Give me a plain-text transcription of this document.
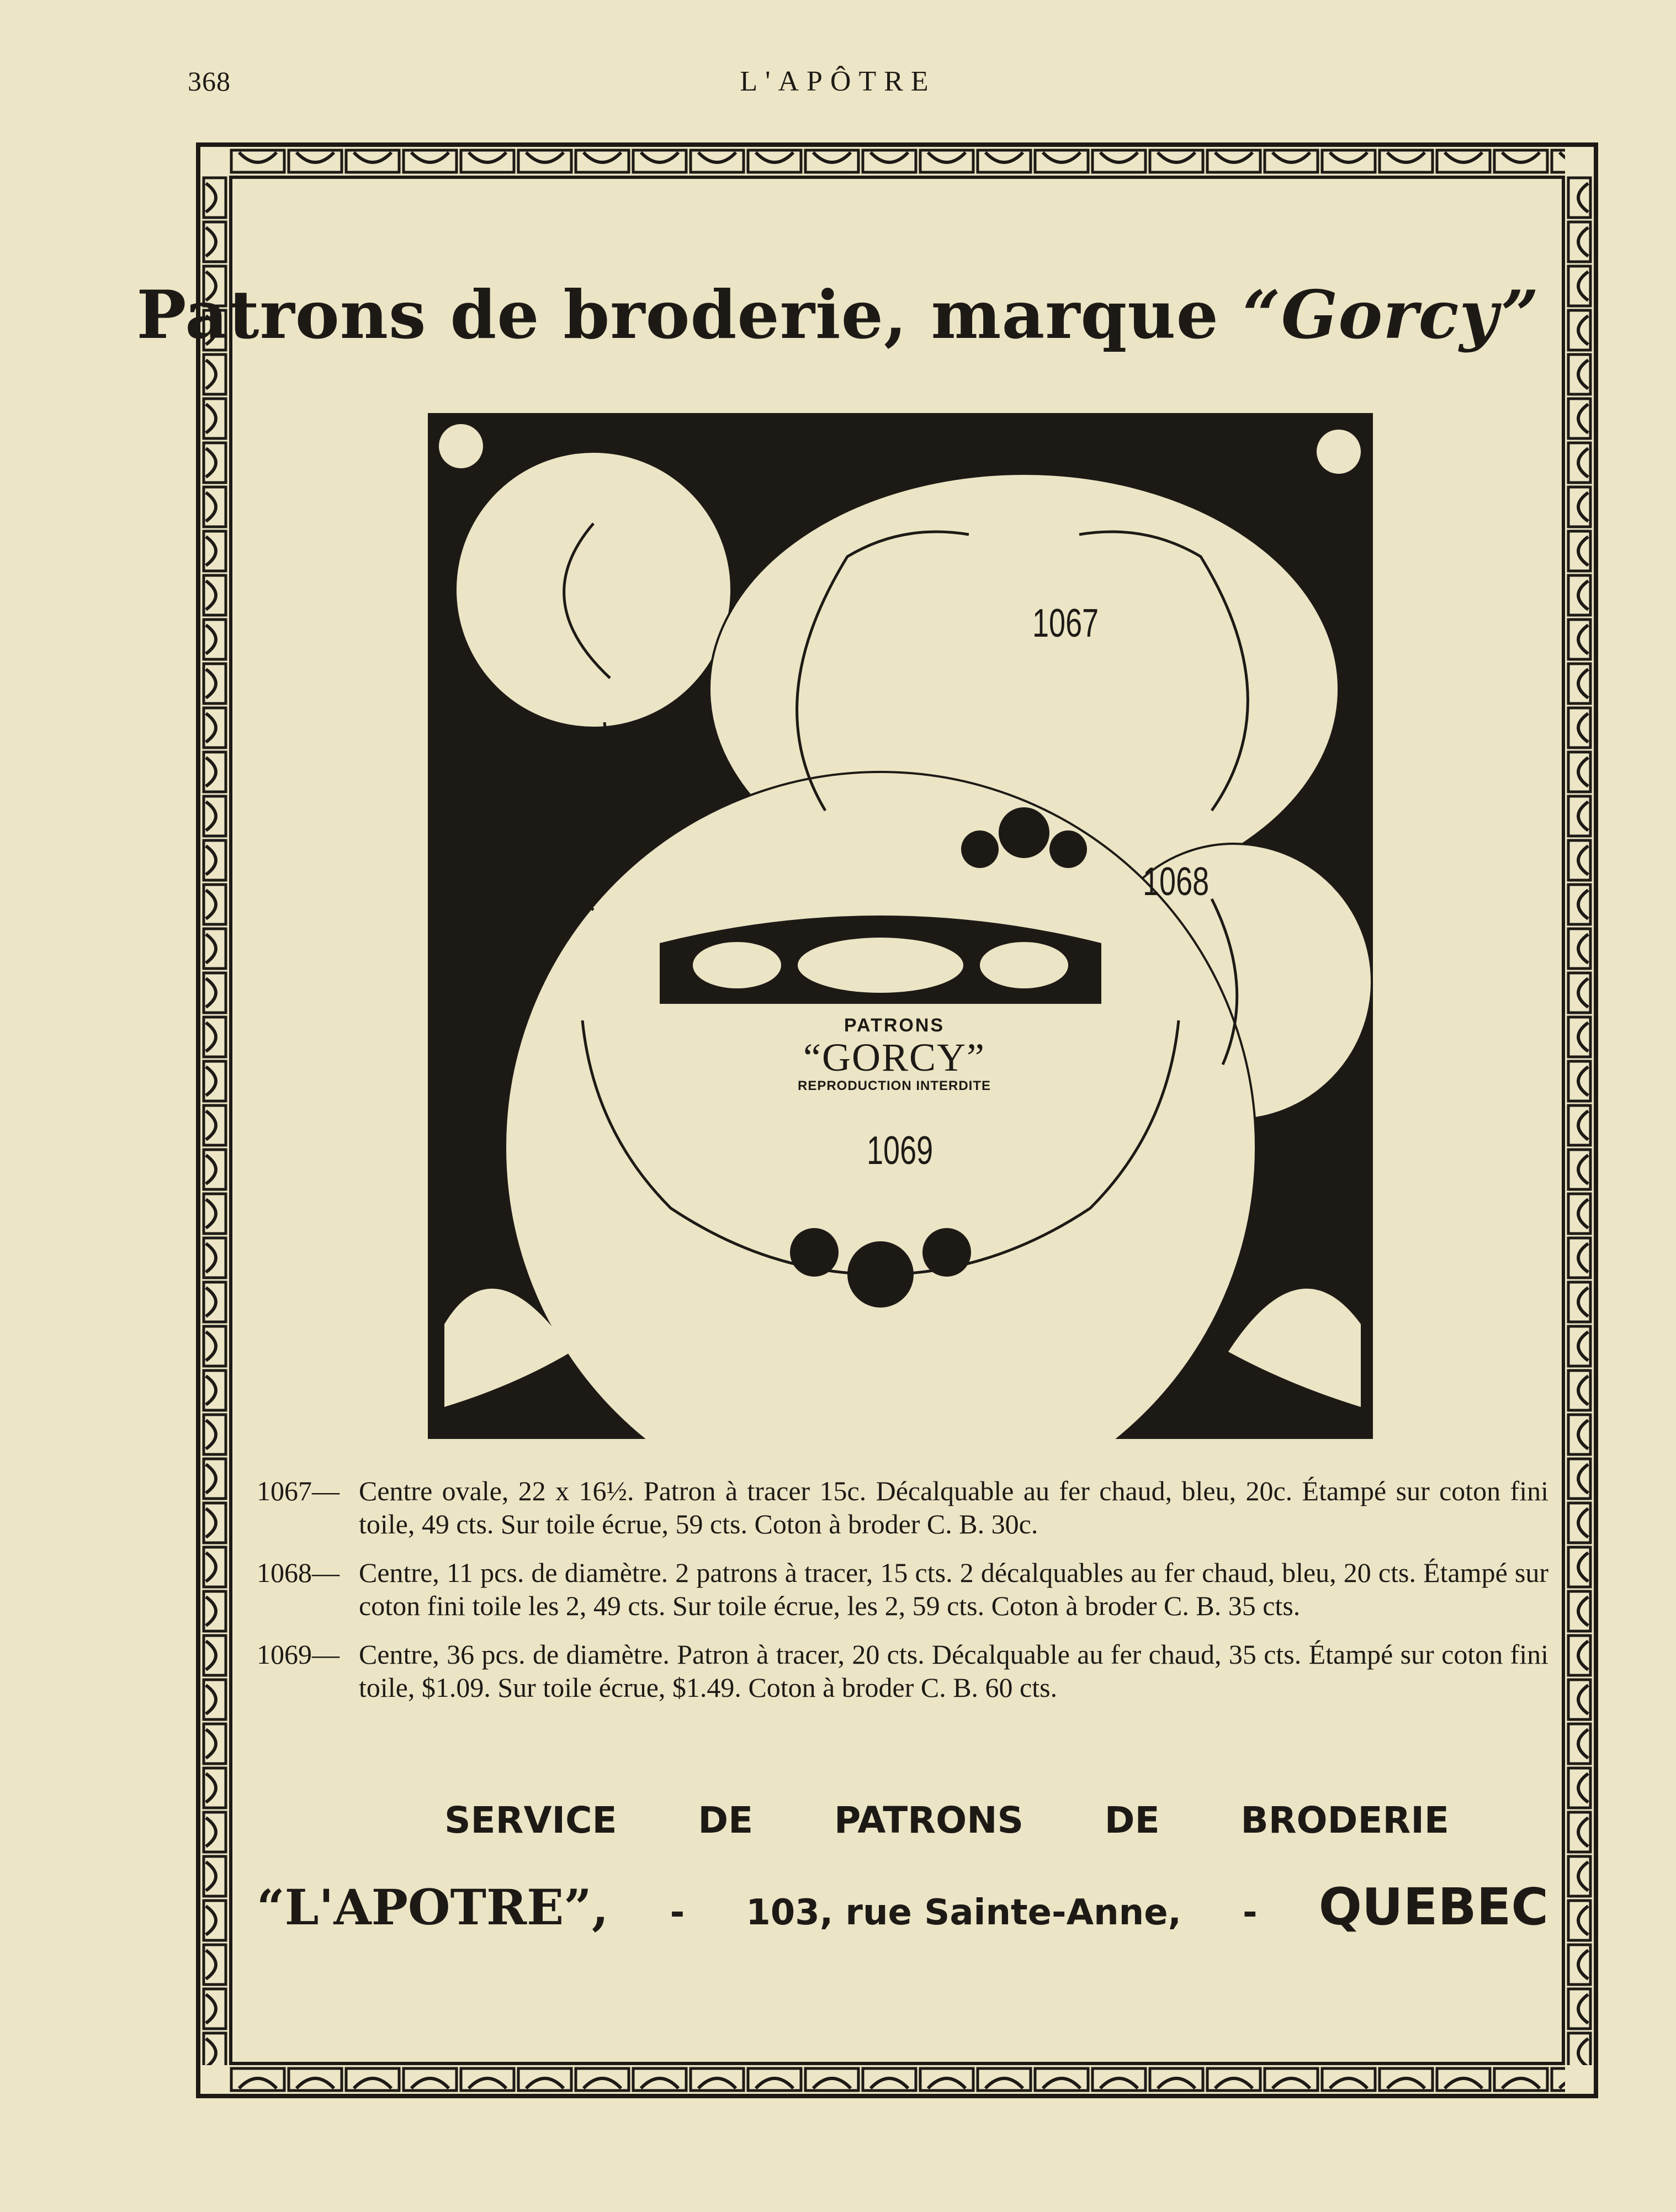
368	L'APÔTRE
Patrons de broderie, marque “Gorcy”
1067
1068
1069
PATRONS
“GORCY”
REPRODUCTION INTERDITE
1067— Centre ovale, 22 x 16½. Patron à tracer 15c. Décalquable au fer chaud, bleu, 20c. Étampé sur coton fini toile, 49 cts. Sur toile écrue, 59 cts. Coton à broder C. B. 30c.
1068— Centre, 11 pcs. de diamètre. 2 patrons à tracer, 15 cts. 2 décalquables au fer chaud, bleu, 20 cts. Étampé sur coton fini toile les 2, 49 cts. Sur toile écrue, les 2, 59 cts. Coton à broder C. B. 35 cts.
1069— Centre, 36 pcs. de diamètre. Patron à tracer, 20 cts. Décalquable au fer chaud, 35 cts. Étampé sur coton fini toile, $1.09. Sur toile écrue, $1.49. Coton à broder C. B. 60 cts.
SERVICE DE PATRONS DE BRODERIE
“L'APOTRE”, - 103, rue Sainte-Anne, - QUEBEC
